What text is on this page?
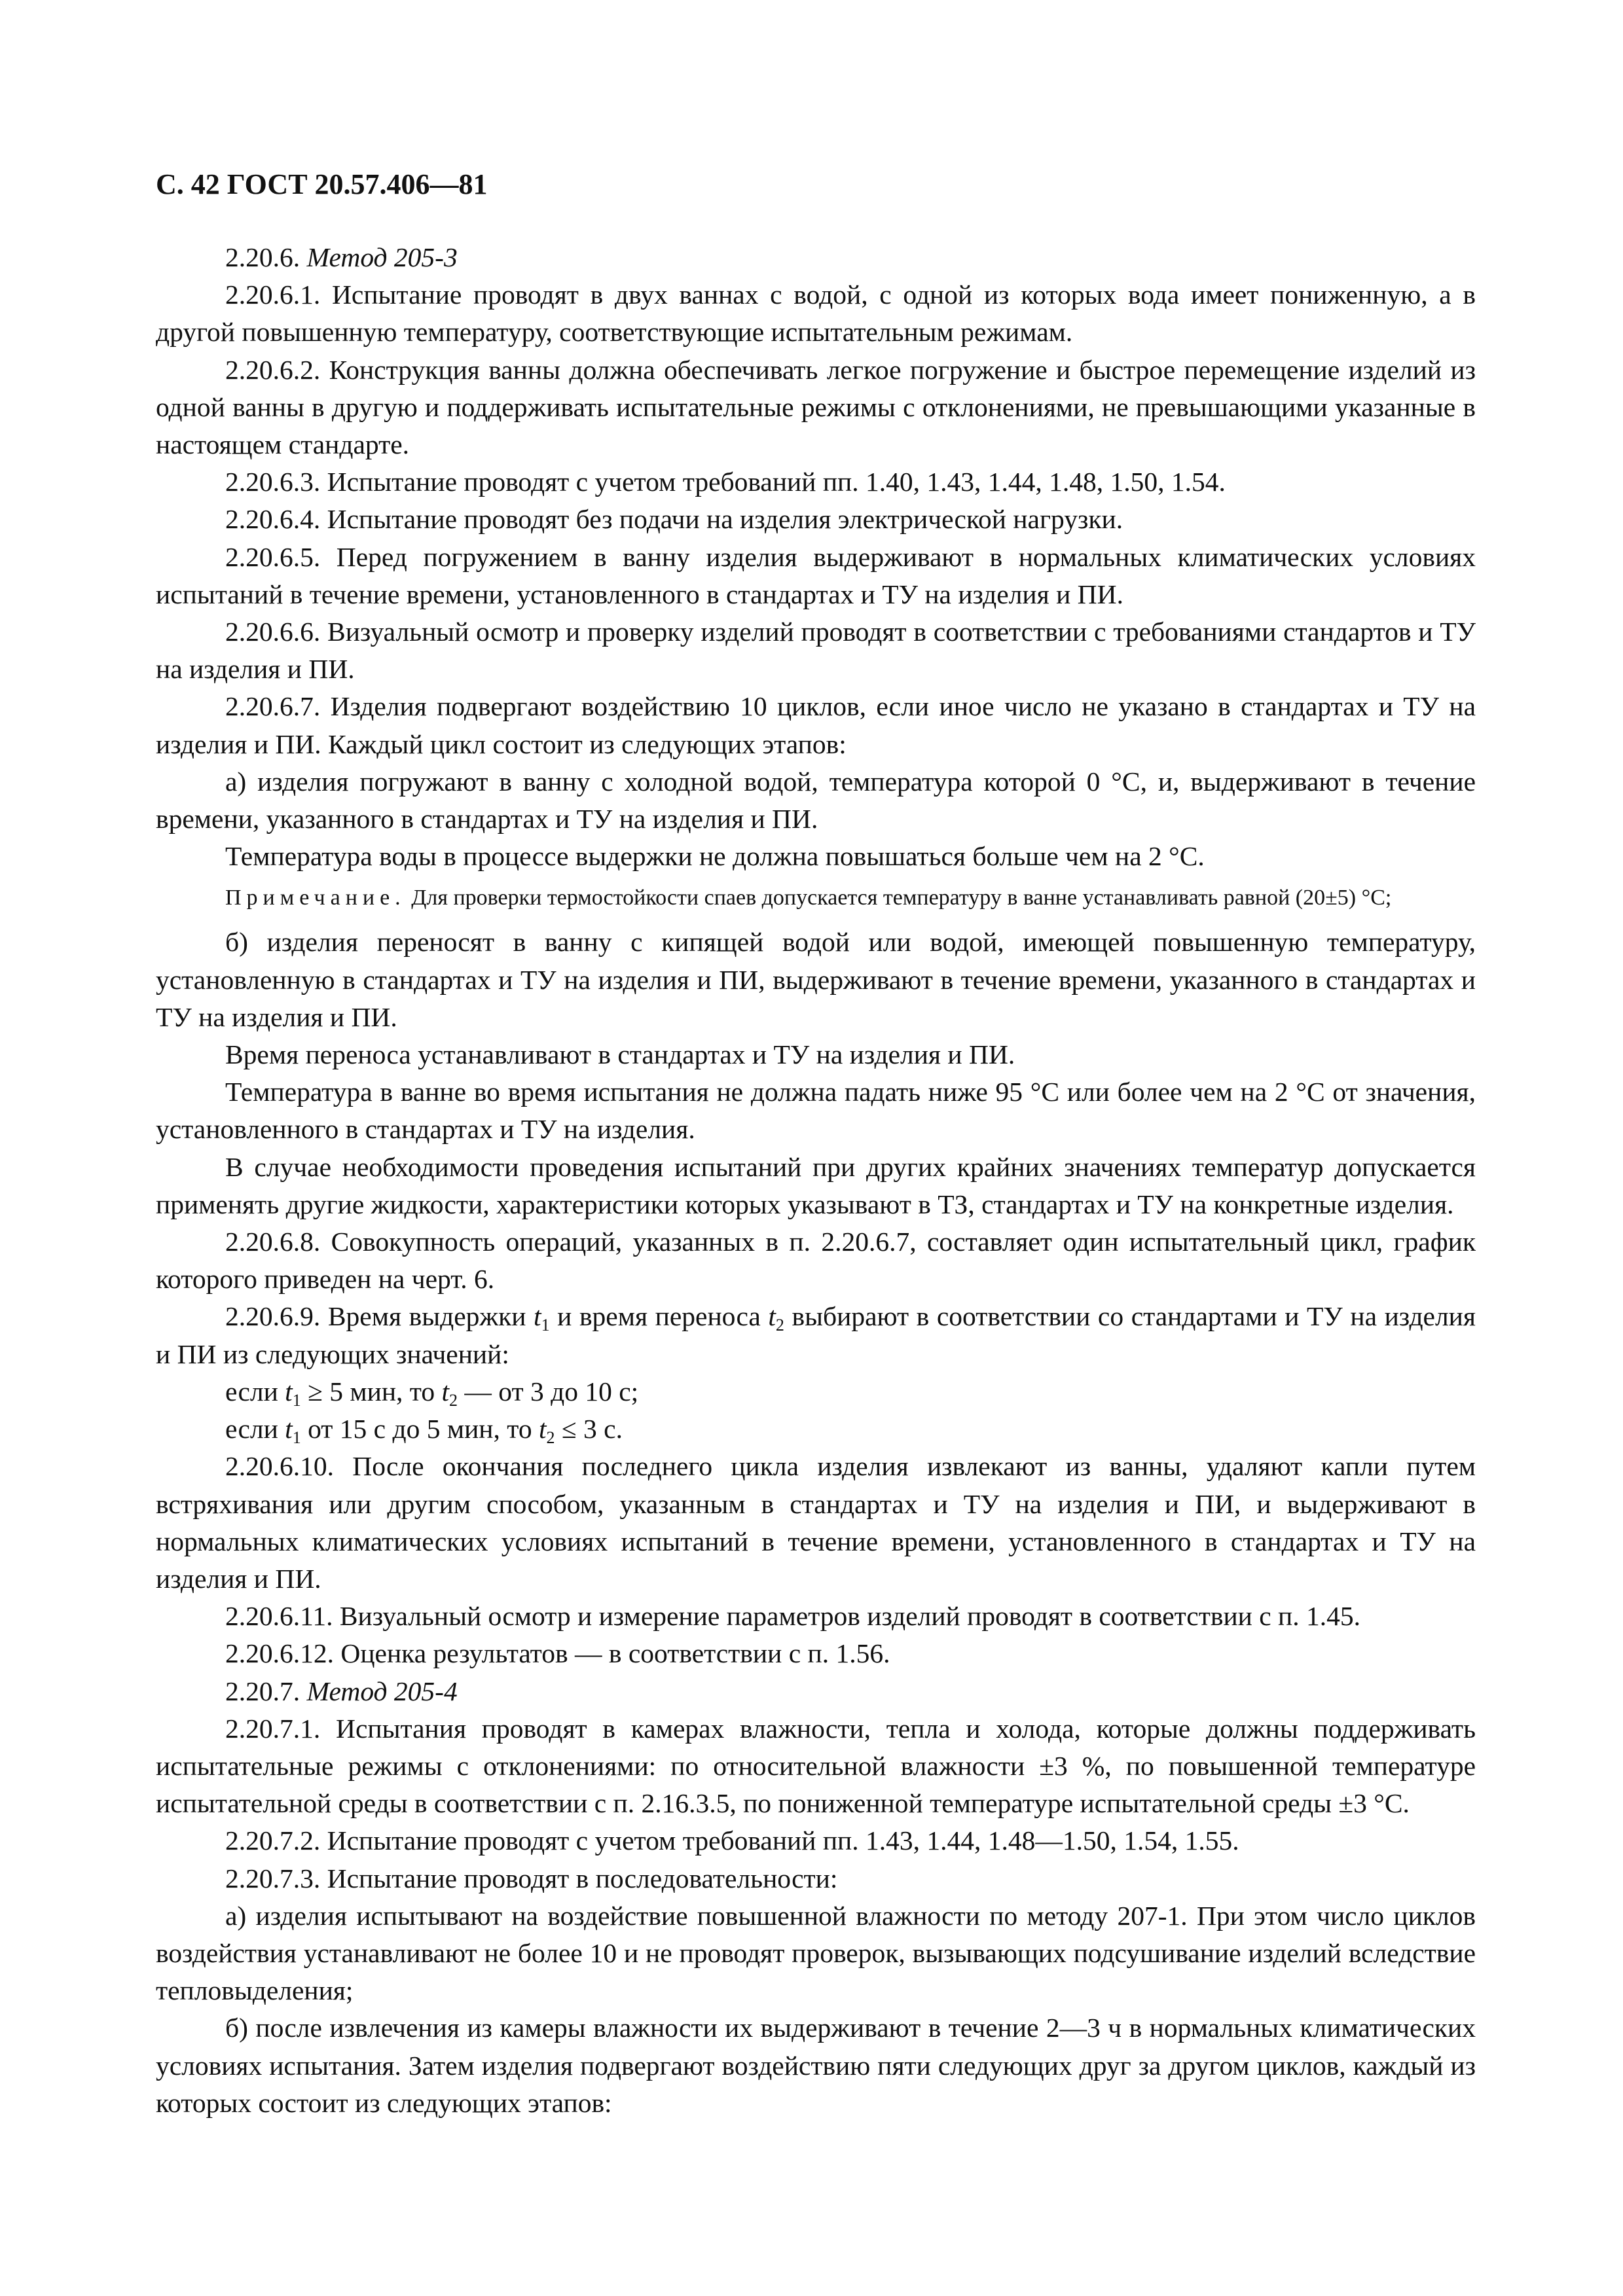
С. 42 ГОСТ 20.57.406—81

2.20.6. Метод 205-3

2.20.6.1. Испытание проводят в двух ваннах с водой, с одной из которых вода имеет пониженную, а в другой повышенную температуру, соответствующие испытательным режимам.

2.20.6.2. Конструкция ванны должна обеспечивать легкое погружение и быстрое перемещение изделий из одной ванны в другую и поддерживать испытательные режимы с отклонениями, не превышающими указанные в настоящем стандарте.

2.20.6.3. Испытание проводят с учетом требований пп. 1.40, 1.43, 1.44, 1.48, 1.50, 1.54.

2.20.6.4. Испытание проводят без подачи на изделия электрической нагрузки.

2.20.6.5. Перед погружением в ванну изделия выдерживают в нормальных климатических условиях испытаний в течение времени, установленного в стандартах и ТУ на изделия и ПИ.

2.20.6.6. Визуальный осмотр и проверку изделий проводят в соответствии с требованиями стандартов и ТУ на изделия и ПИ.

2.20.6.7. Изделия подвергают воздействию 10 циклов, если иное число не указано в стандартах и ТУ на изделия и ПИ. Каждый цикл состоит из следующих этапов:

а) изделия погружают в ванну с холодной водой, температура которой 0 °С, и, выдерживают в течение времени, указанного в стандартах и ТУ на изделия и ПИ.

Температура воды в процессе выдержки не должна повышаться больше чем на 2 °С.

Примечание. Для проверки термостойкости спаев допускается температуру в ванне устанавливать равной (20±5) °С;

б) изделия переносят в ванну с кипящей водой или водой, имеющей повышенную температуру, установленную в стандартах и ТУ на изделия и ПИ, выдерживают в течение времени, указанного в стандартах и ТУ на изделия и ПИ.

Время переноса устанавливают в стандартах и ТУ на изделия и ПИ.

Температура в ванне во время испытания не должна падать ниже 95 °С или более чем на 2 °С от значения, установленного в стандартах и ТУ на изделия.

В случае необходимости проведения испытаний при других крайних значениях температур допускается применять другие жидкости, характеристики которых указывают в ТЗ, стандартах и ТУ на конкретные изделия.

2.20.6.8. Совокупность операций, указанных в п. 2.20.6.7, составляет один испытательный цикл, график которого приведен на черт. 6.

2.20.6.9. Время выдержки $t_1$ и время переноса $t_2$ выбирают в соответствии со стандартами и ТУ на изделия и ПИ из следующих значений:

если $t_1 \ge 5$ мин, то $t_2$ — от 3 до 10 с;

если $t_1$ от 15 с до 5 мин, то $t_2 \le 3$ с.

2.20.6.10. После окончания последнего цикла изделия извлекают из ванны, удаляют капли путем встряхивания или другим способом, указанным в стандартах и ТУ на изделия и ПИ, и выдерживают в нормальных климатических условиях испытаний в течение времени, установленного в стандартах и ТУ на изделия и ПИ.

2.20.6.11. Визуальный осмотр и измерение параметров изделий проводят в соответствии с п. 1.45.

2.20.6.12. Оценка результатов — в соответствии с п. 1.56.

2.20.7. Метод 205-4

2.20.7.1. Испытания проводят в камерах влажности, тепла и холода, которые должны поддерживать испытательные режимы с отклонениями: по относительной влажности ±3 %, по повышенной температуре испытательной среды в соответствии с п. 2.16.3.5, по пониженной температуре испытательной среды ±3 °С.

2.20.7.2. Испытание проводят с учетом требований пп. 1.43, 1.44, 1.48—1.50, 1.54, 1.55.

2.20.7.3. Испытание проводят в последовательности:

а) изделия испытывают на воздействие повышенной влажности по методу 207-1. При этом число циклов воздействия устанавливают не более 10 и не проводят проверок, вызывающих подсушивание изделий вследствие тепловыделения;

б) после извлечения из камеры влажности их выдерживают в течение 2—3 ч в нормальных климатических условиях испытания. Затем изделия подвергают воздействию пяти следующих друг за другом циклов, каждый из которых состоит из следующих этапов:
